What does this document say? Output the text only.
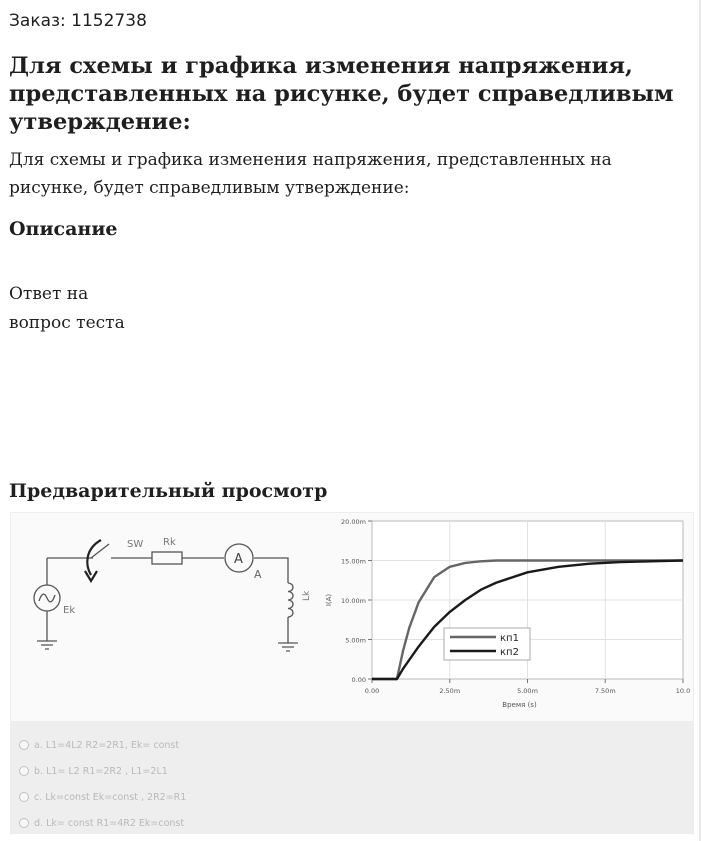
Заказ: 1152738
Для схемы и графика изменения напряжения, представленных на рисунке, будет справедливым утверждение:

Для схемы и графика изменения напряжения, представленных на рисунке, будет справедливым утверждение:

Описание
Ответ на
вопрос теста
Предварительный просмотр
SW Rk
A
A
Ek
Lk
0.00
5.00m
10.00m
15.00m
20.00m
0.00	2.50m	5.00m	7.50m	10.0
Время (s)
I(A)
кп1
кп2
a. L1=4L2 R2=2R1, Ek= const
b. L1= L2 R1=2R2 , L1=2L1
c. Lk=const Ek=const , 2R2=R1
d. Lk= const R1=4R2 Ek=const
